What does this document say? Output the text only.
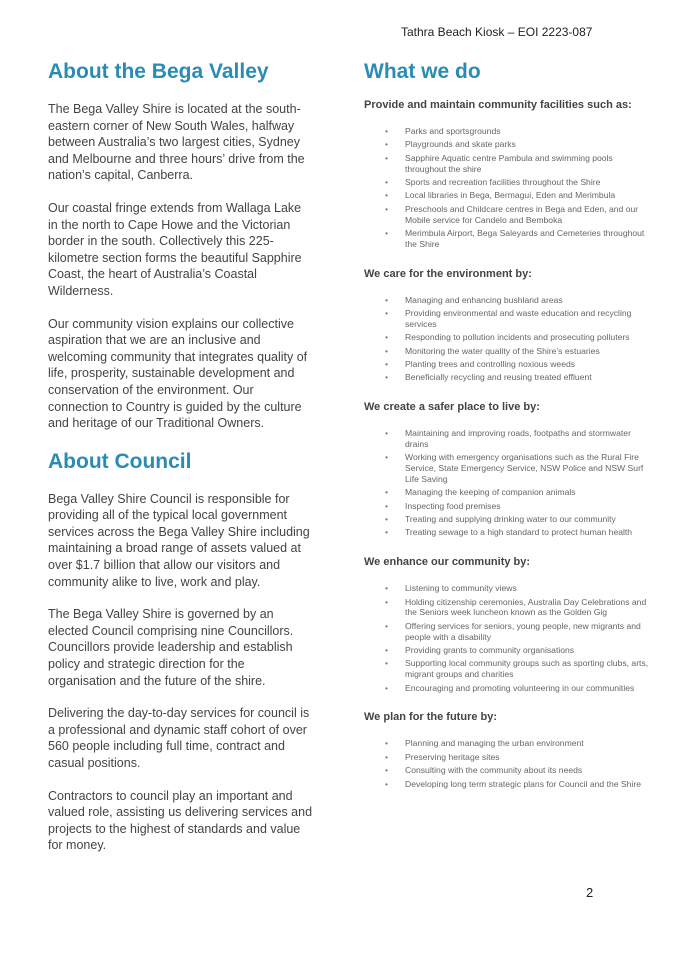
Tathra Beach Kiosk – EOI 2223-087
About the Bega Valley

The Bega Valley Shire is located at the south-eastern corner of New South Wales, halfway between Australia’s two largest cities, Sydney and Melbourne and three hours’ drive from the nation’s capital, Canberra.

Our coastal fringe extends from Wallaga Lake in the north to Cape Howe and the Victorian border in the south. Collectively this 225-kilometre section forms the beautiful Sapphire Coast, the heart of Australia’s Coastal Wilderness.

Our community vision explains our collective aspiration that we are an inclusive and welcoming community that integrates quality of life, prosperity, sustainable development and conservation of the environment. Our connection to Country is guided by the culture and heritage of our Traditional Owners.

About Council

Bega Valley Shire Council is responsible for providing all of the typical local government services across the Bega Valley Shire including maintaining a broad range of assets valued at over $1.7 billion that allow our visitors and community alike to live, work and play.

The Bega Valley Shire is governed by an elected Council comprising nine Councillors. Councillors provide leadership and establish policy and strategic direction for the organisation and the future of the shire.

Delivering the day-to-day services for council is a professional and dynamic staff cohort of over 560 people including full time, contract and casual positions.

Contractors to council play an important and valued role, assisting us delivering services and projects to the highest of standards and value for money.

What we do
Provide and maintain community facilities such as:
• Parks and sportsgrounds
• Playgrounds and skate parks
• Sapphire Aquatic centre Pambula and swimming pools throughout the shire
• Sports and recreation facilities throughout the Shire
• Local libraries in Bega, Bermagui, Eden and Merimbula
• Preschools and Childcare centres in Bega and Eden, and our Mobile service for Candelo and Bemboka
• Merimbula Airport, Bega Saleyards and Cemeteries throughout the Shire
We care for the environment by:
• Managing and enhancing bushland areas
• Providing environmental and waste education and recycling services
• Responding to pollution incidents and prosecuting polluters
• Monitoring the water quality of the Shire’s estuaries
• Planting trees and controlling noxious weeds
• Beneficially recycling and reusing treated effluent
We create a safer place to live by:
• Maintaining and improving roads, footpaths and stormwater drains
• Working with emergency organisations such as the Rural Fire Service, State Emergency Service, NSW Police and NSW Surf Life Saving
• Managing the keeping of companion animals
• Inspecting food premises
• Treating and supplying drinking water to our community
• Treating sewage to a high standard to protect human health
We enhance our community by:
• Listening to community views
• Holding citizenship ceremonies, Australia Day Celebrations and the Seniors week luncheon known as the Golden Gig
• Offering services for seniors, young people, new migrants and people with a disability
• Providing grants to community organisations
• Supporting local community groups such as sporting clubs, arts, migrant groups and charities
• Encouraging and promoting volunteering in our communities
We plan for the future by:
• Planning and managing the urban environment
• Preserving heritage sites
• Consulting with the community about its needs
• Developing long term strategic plans for Council and the Shire
2
